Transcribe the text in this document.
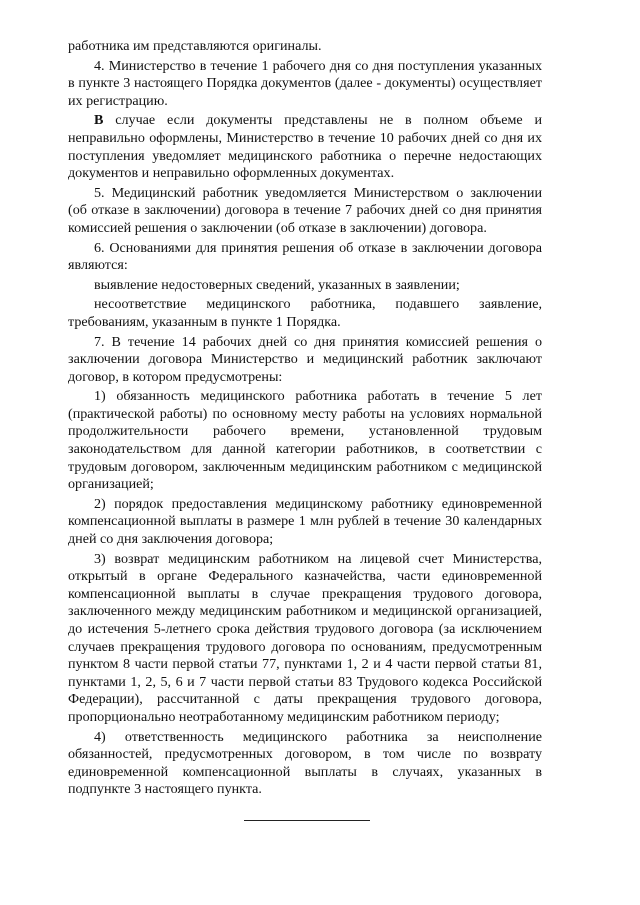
работника им представляются оригиналы.

4. Министерство в течение 1 рабочего дня со дня поступления указанных в пункте 3 настоящего Порядка документов (далее - документы) осуществляет их регистрацию.

В случае если документы представлены не в полном объеме и неправильно оформлены, Министерство в течение 10 рабочих дней со дня их поступления уведомляет медицинского работника о перечне недостающих документов и неправильно оформленных документах.

5. Медицинский работник уведомляется Министерством о заключении (об отказе в заключении) договора в течение 7 рабочих дней со дня принятия комиссией решения о заключении (об отказе в заключении) договора.

6. Основаниями для принятия решения об отказе в заключении договора являются:

выявление недостоверных сведений, указанных в заявлении;

несоответствие медицинского работника, подавшего заявление, требованиям, указанным в пункте 1 Порядка.

7. В течение 14 рабочих дней со дня принятия комиссией решения о заключении договора Министерство и медицинский работник заключают договор, в котором предусмотрены:

1) обязанность медицинского работника работать в течение 5 лет (практической работы) по основному месту работы на условиях нормальной продолжительности рабочего времени, установленной трудовым законодательством для данной категории работников, в соответствии с трудовым договором, заключенным медицинским работником с медицинской организацией;

2) порядок предоставления медицинскому работнику единовременной компенсационной выплаты в размере 1 млн рублей в течение 30 календарных дней со дня заключения договора;

3) возврат медицинским работником на лицевой счет Министерства, открытый в органе Федерального казначейства, части единовременной компенсационной выплаты в случае прекращения трудового договора, заключенного между медицинским работником и медицинской организацией, до истечения 5-летнего срока действия трудового договора (за исключением случаев прекращения трудового договора по основаниям, предусмотренным пунктом 8 части первой статьи 77, пунктами 1, 2 и 4 части первой статьи 81, пунктами 1, 2, 5, 6 и 7 части первой статьи 83 Трудового кодекса Российской Федерации), рассчитанной с даты прекращения трудового договора, пропорционально неотработанному медицинским работником периоду;

4) ответственность медицинского работника за неисполнение обязанностей, предусмотренных договором, в том числе по возврату единовременной компенсационной выплаты в случаях, указанных в подпункте 3 настоящего пункта.
